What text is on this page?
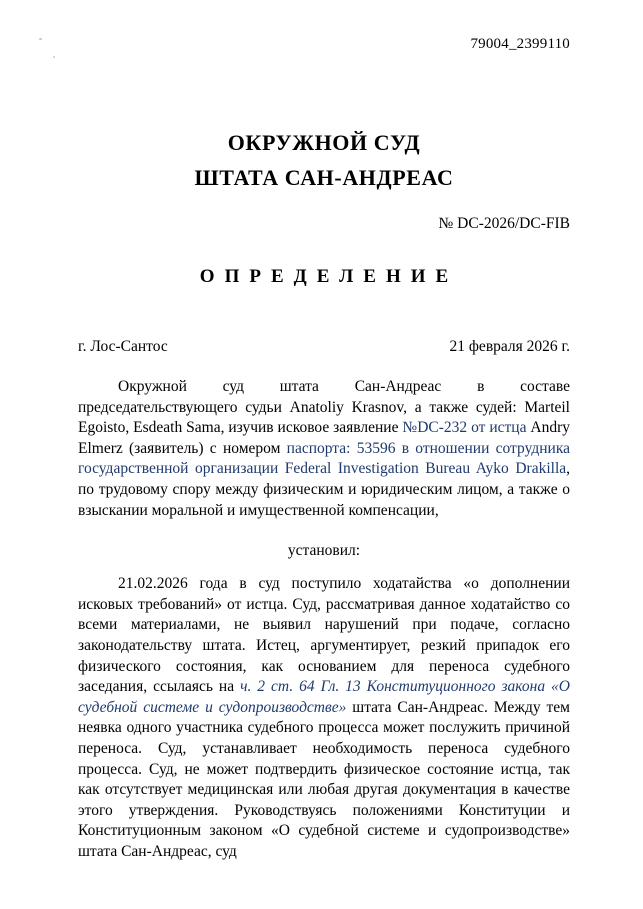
79004_2399110
ОКРУЖНОЙ СУД
ШТАТА САН-АНДРЕАС
№ DC-2026/DC-FIB
ОПРЕДЕЛЕНИЕ
г. Лос-Сантос	21 февраля 2026 г.

Окружной суд штата Сан-Андреас в составе председательствующего судьи Anatoliy Krasnov, а также судей: Marteil Egoisto, Esdeath Sama, изучив исковое заявление №DC-232 от истца Andry Elmerz (заявитель) с номером паспорта: 53596 в отношении сотрудника государственной организации Federal Investigation Bureau Ayko Drakilla, по трудовому спору между физическим и юридическим лицом, а также о взыскании моральной и имущественной компенсации,

установил:

21.02.2026 года в суд поступило ходатайства «о дополнении исковых требований» от истца. Суд, рассматривая данное ходатайство со всеми материалами, не выявил нарушений при подаче, согласно законодательству штата. Истец, аргументирует, резкий припадок его физического состояния, как основанием для переноса судебного заседания, ссылаясь на ч. 2 ст. 64 Гл. 13 Конституционного закона «О судебной системе и судопроизводстве» штата Сан-Андреас. Между тем неявка одного участника судебного процесса может послужить причиной переноса. Суд, устанавливает необходимость переноса судебного процесса. Суд, не может подтвердить физическое состояние истца, так как отсутствует медицинская или любая другая документация в качестве этого утверждения. Руководствуясь положениями Конституции и Конституционным законом «О судебной системе и судопроизводстве» штата Сан-Андреас, суд
